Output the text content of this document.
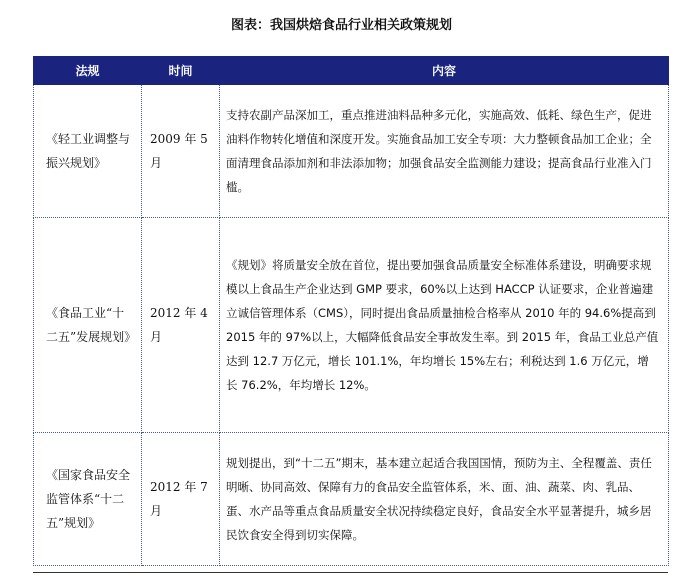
图表：我国烘焙食品行业相关政策规划
法规	时间	内容
《轻工业调整与振兴规划》	2009 年 5 月	支持农副产品深加工，重点推进油料品种多元化，实施高效、低耗、绿色生产，促进油料作物转化增值和深度开发。实施食品加工安全专项：大力整顿食品加工企业；全面清理食品添加剂和非法添加物；加强食品安全监测能力建设；提高食品行业准入门槛。
《食品工业“十二五”发展规划》	2012 年 4 月	《规划》将质量安全放在首位，提出要加强食品质量安全标准体系建设，明确要求规模以上食品生产企业达到 GMP 要求，60%以上达到 HACCP 认证要求，企业普遍建立诚信管理体系（CMS），同时提出食品质量抽检合格率从 2010 年的 94.6%提高到 2015 年的 97%以上，大幅降低食品安全事故发生率。到 2015 年，食品工业总产值达到 12.7 万亿元，增长 101.1%，年均增长 15%左右；利税达到 1.6 万亿元，增长 76.2%，年均增长 12%。
《国家食品安全监管体系“十二五”规划》	2012 年 7 月	规划提出，到“十二五”期末，基本建立起适合我国国情，预防为主、全程覆盖、责任明晰、协同高效、保障有力的食品安全监管体系，米、面、油、蔬菜、肉、乳品、蛋、水产品等重点食品质量安全状况持续稳定良好，食品安全水平显著提升，城乡居民饮食安全得到切实保障。
